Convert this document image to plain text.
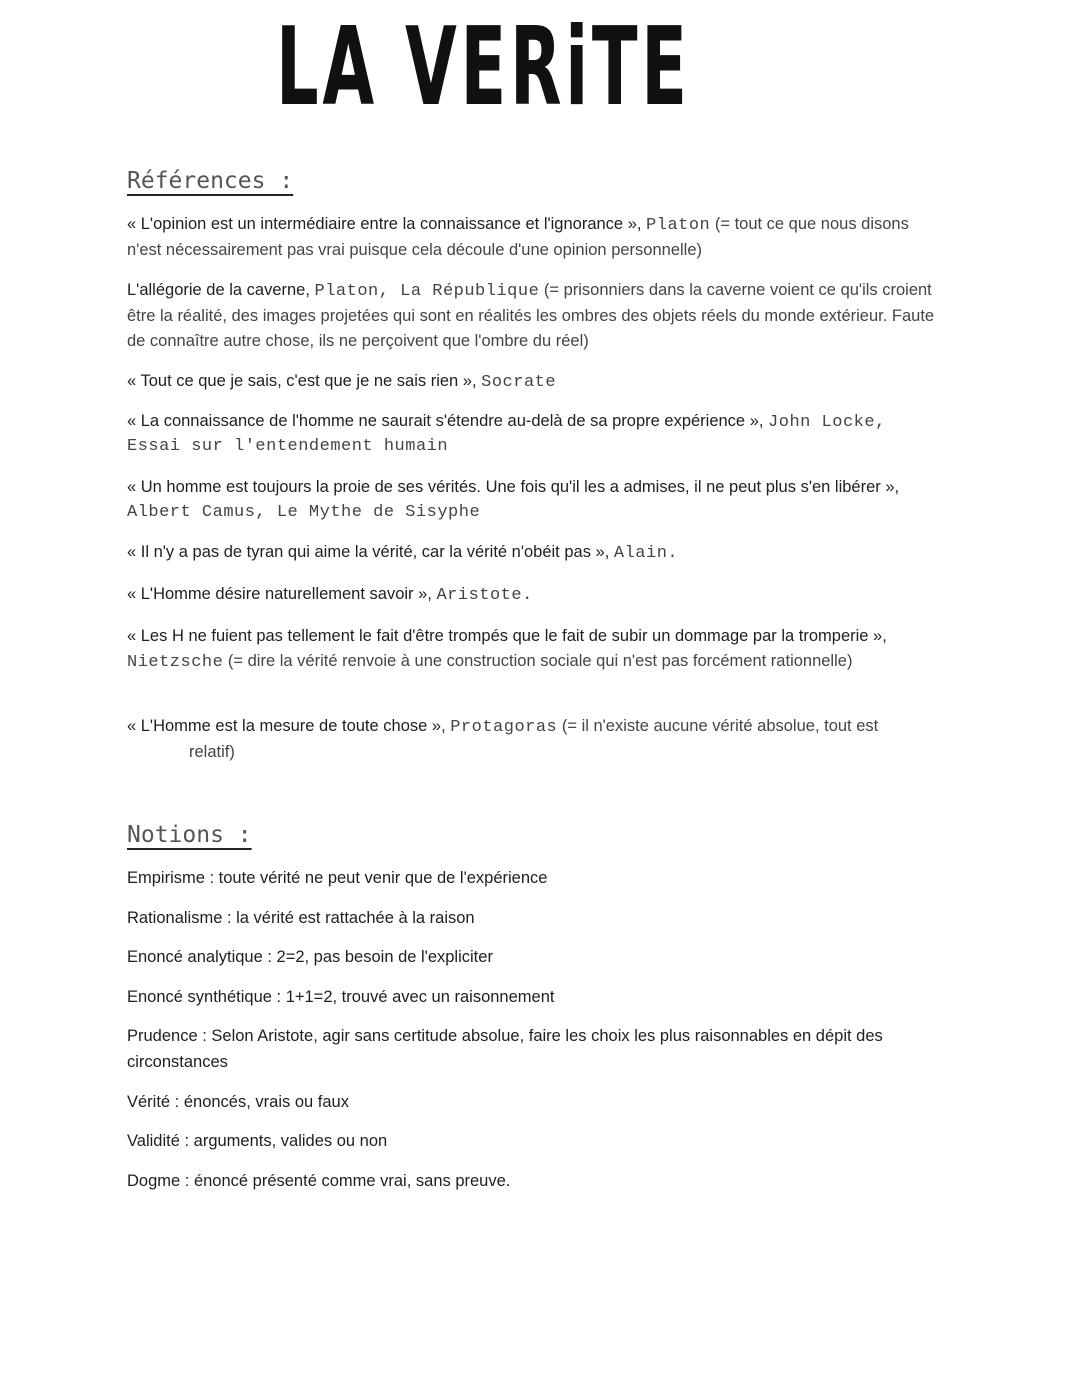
LA VERiTE
Références :
« L'opinion est un intermédiaire entre la connaissance et l'ignorance », Platon (= tout ce que nous disons n'est nécessairement pas vrai puisque cela découle d'une opinion personnelle)
L'allégorie de la caverne, Platon, La République (= prisonniers dans la caverne voient ce qu'ils croient être la réalité, des images projetées qui sont en réalités les ombres des objets réels du monde extérieur. Faute de connaître autre chose, ils ne perçoivent que l'ombre du réel)
« Tout ce que je sais, c'est que je ne sais rien », Socrate
« La connaissance de l'homme ne saurait s'étendre au-delà de sa propre expérience », John Locke, Essai sur l'entendement humain
« Un homme est toujours la proie de ses vérités. Une fois qu'il les a admises, il ne peut plus s'en libérer », Albert Camus, Le Mythe de Sisyphe
« Il n'y a pas de tyran qui aime la vérité, car la vérité n'obéit pas », Alain.
« L'Homme désire naturellement savoir », Aristote.
« Les H ne fuient pas tellement le fait d'être trompés que le fait de subir un dommage par la tromperie », Nietzsche (= dire la vérité renvoie à une construction sociale qui n'est pas forcément rationnelle)
« L'Homme est la mesure de toute chose », Protagoras (= il n'existe aucune vérité absolue, tout est
relatif)
Notions :
Empirisme : toute vérité ne peut venir que de l'expérience
Rationalisme : la vérité est rattachée à la raison
Enoncé analytique : 2=2, pas besoin de l'expliciter
Enoncé synthétique : 1+1=2, trouvé avec un raisonnement
Prudence : Selon Aristote, agir sans certitude absolue, faire les choix les plus raisonnables en dépit des circonstances
Vérité : énoncés, vrais ou faux
Validité : arguments, valides ou non
Dogme : énoncé présenté comme vrai, sans preuve.
